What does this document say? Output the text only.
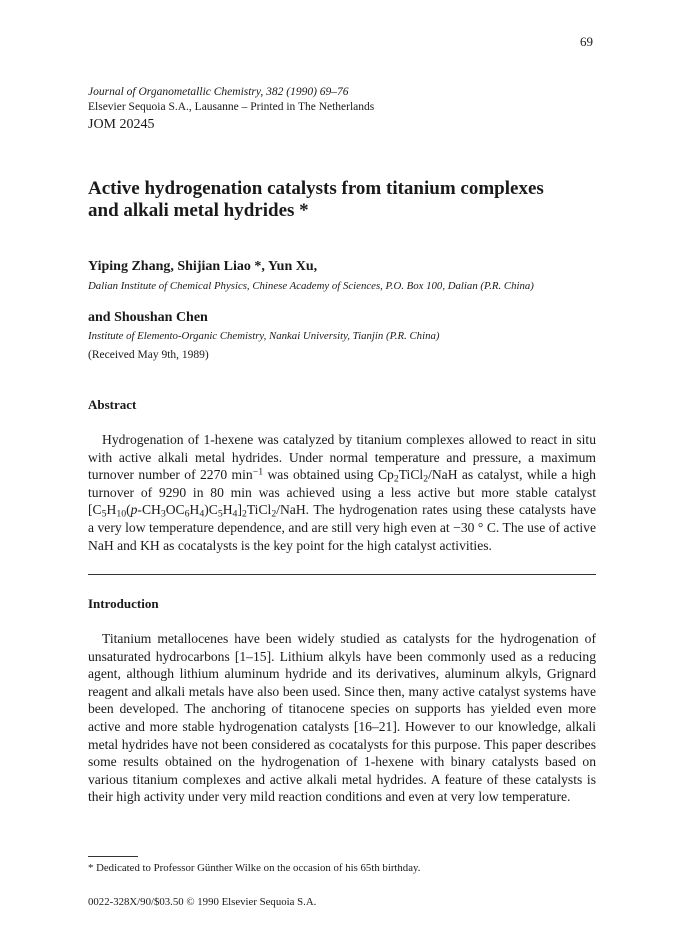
69
Journal of Organometallic Chemistry, 382 (1990) 69–76
Elsevier Sequoia S.A., Lausanne – Printed in The Netherlands
JOM 20245
Active hydrogenation catalysts from titanium complexes
and alkali metal hydrides *
Yiping Zhang, Shijian Liao *, Yun Xu,
Dalian Institute of Chemical Physics, Chinese Academy of Sciences, P.O. Box 100, Dalian (P.R. China)
and Shoushan Chen
Institute of Elemento-Organic Chemistry, Nankai University, Tianjin (P.R. China)
(Received May 9th, 1989)
Abstract
Hydrogenation of 1-hexene was catalyzed by titanium complexes allowed to react in situ with active alkali metal hydrides. Under normal temperature and pressure, a maximum turnover number of 2270 $\min^{-1}$ was obtained using $Cp_2TiCl_2$/NaH as catalyst, while a high turnover of 9290 in 80 min was achieved using a less active but more stable catalyst $[C_5H_{10}(p-CH_3OC_6H_4)C_5H_4]_2TiCl_2$/NaH. The hydrogenation rates using these catalysts have a very low temperature dependence, and are still very high even at −30 ° C. The use of active NaH and KH as cocatalysts is the key point for the high catalyst activities.
Introduction
Titanium metallocenes have been widely studied as catalysts for the hydrogenation of unsaturated hydrocarbons [1–15]. Lithium alkyls have been commonly used as a reducing agent, although lithium aluminum hydride and its derivatives, aluminum alkyls, Grignard reagent and alkali metals have also been used. Since then, many active catalyst systems have been developed. The anchoring of titanocene species on supports has yielded even more active and more stable hydrogenation catalysts [16–21]. However to our knowledge, alkali metal hydrides have not been considered as cocatalysts for this purpose. This paper describes some results obtained on the hydrogenation of 1-hexene with binary catalysts based on various titanium complexes and active alkali metal hydrides. A feature of these catalysts is their high activity under very mild reaction conditions and even at very low temperature.
* Dedicated to Professor Günther Wilke on the occasion of his 65th birthday.
0022-328X/90/$03.50 © 1990 Elsevier Sequoia S.A.
